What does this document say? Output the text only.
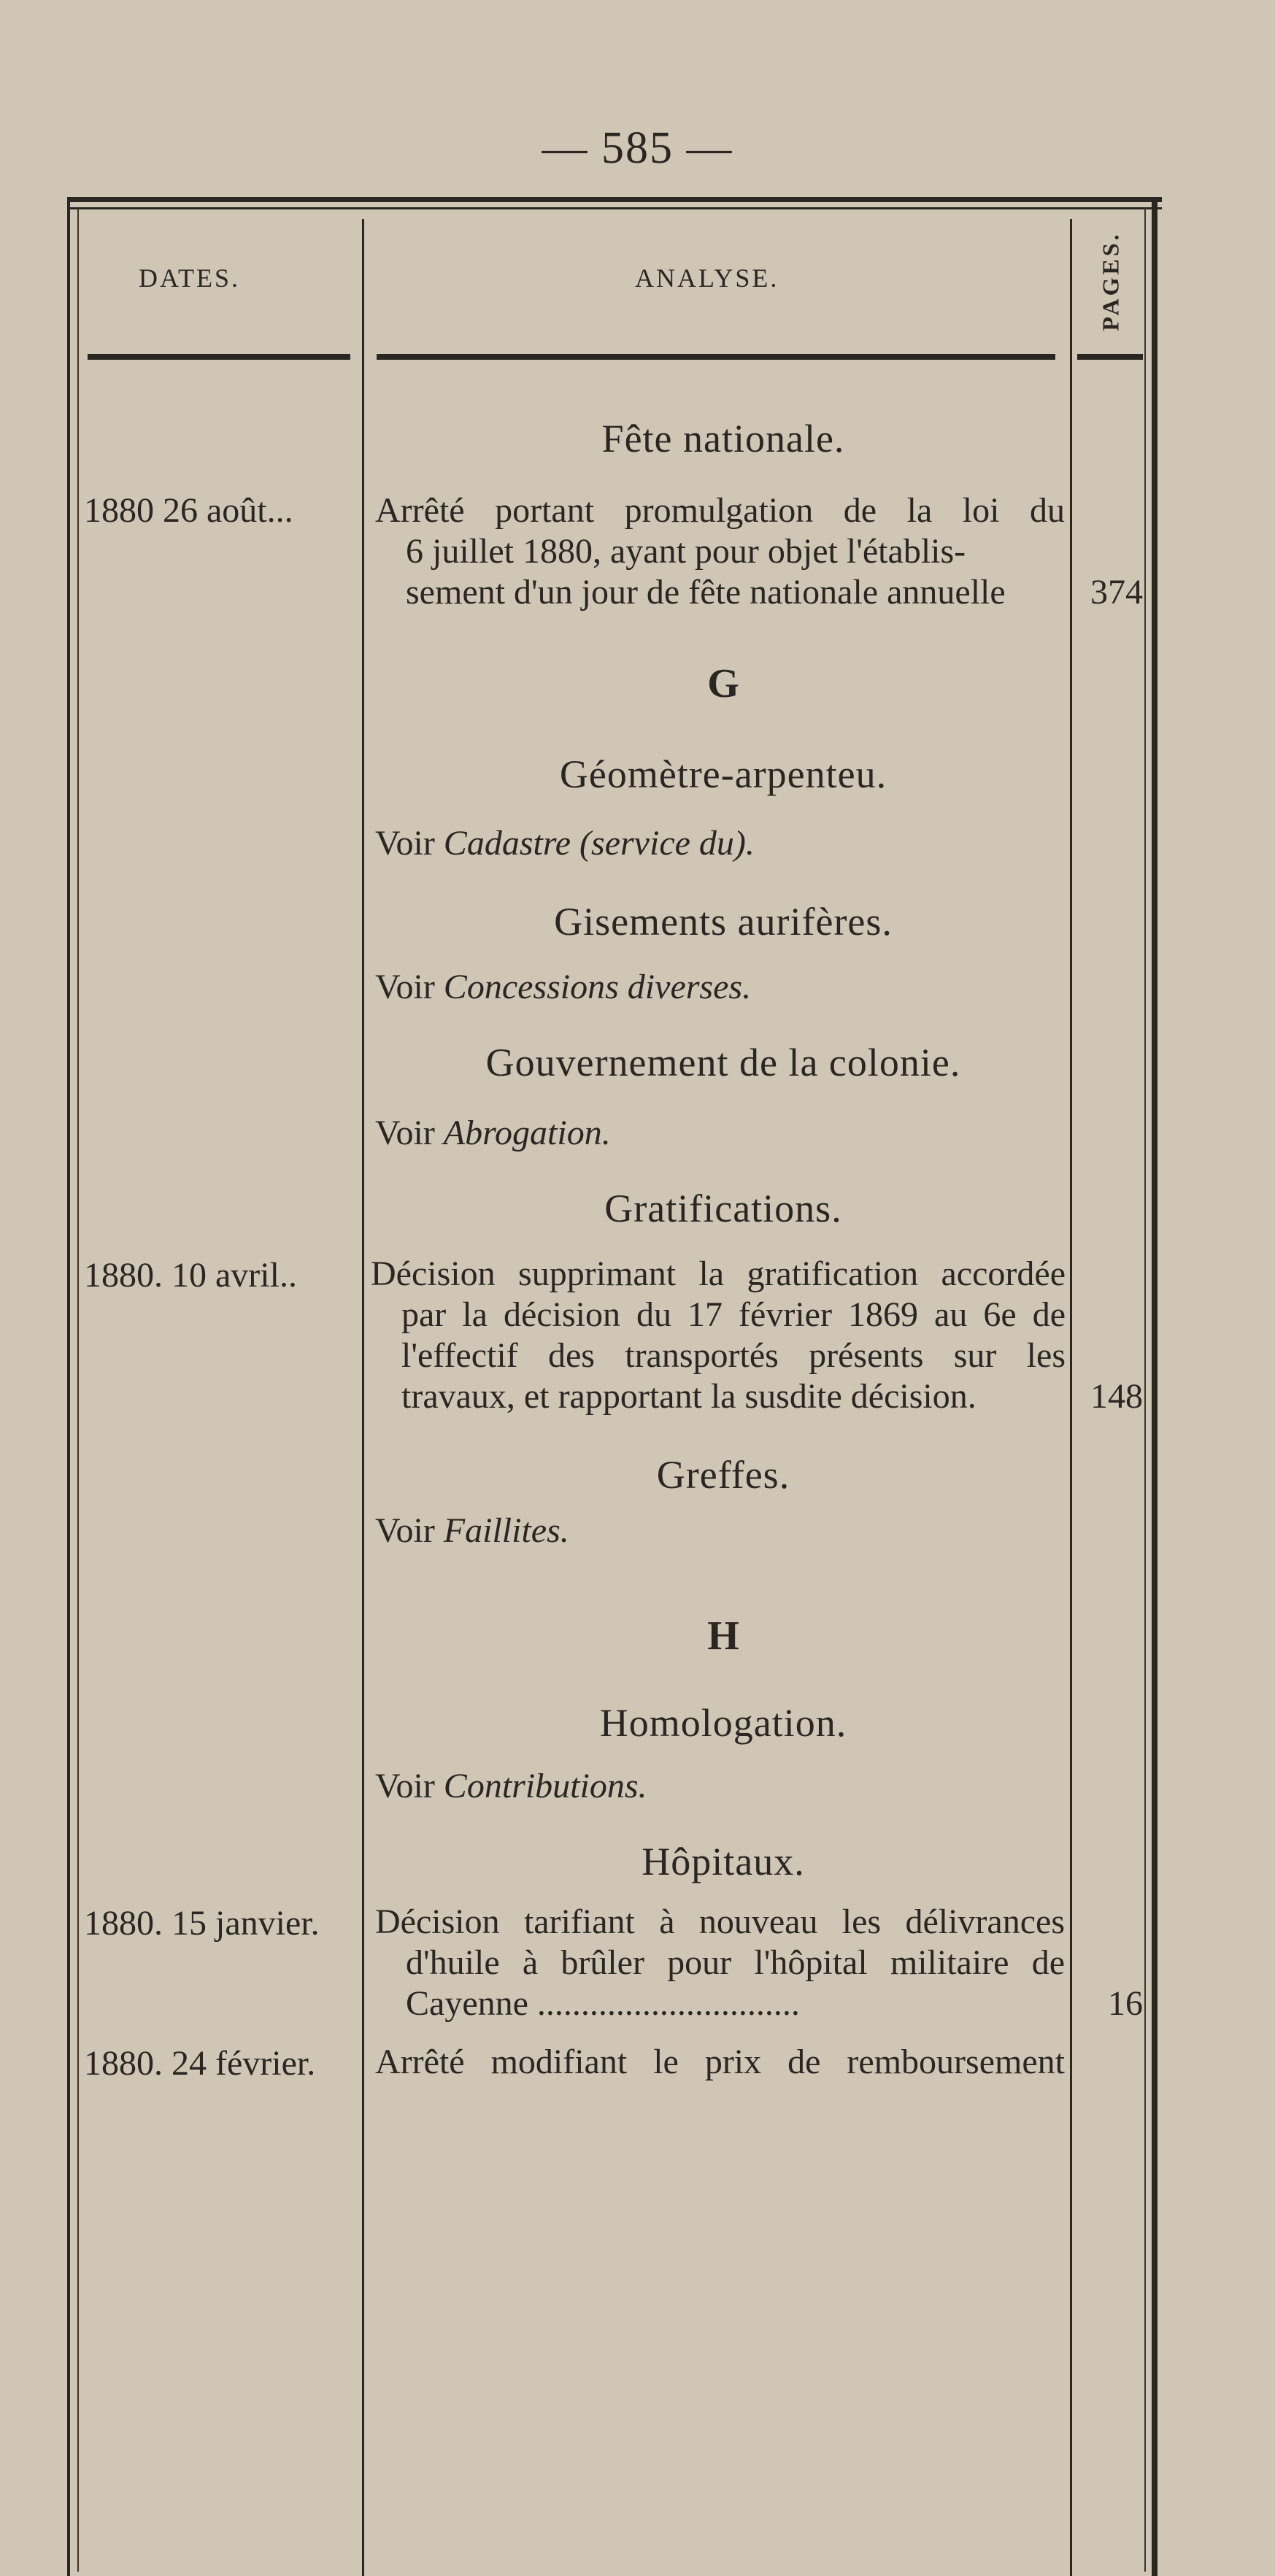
— 585 —
DATES.	ANALYSE.	PAGES.
Fête nationale.
1880 26 août... Arrêté portant promulgation de la loi du
6 juillet 1880, ayant pour objet l'établis-
sement d'un jour de fête nationale annuelle	374
G
Géomètre-arpenteu.
Voir Cadastre (service du).
Gisements aurifères.
Voir Concessions diverses.
Gouvernement de la colonie.
Voir Abrogation.
Gratifications.
1880. 10 avril.. Décision supprimant la gratification accordée
par la décision du 17 février 1869 au 6e de
l'effectif des transportés présents sur les
travaux, et rapportant la susdite décision.	148
Greffes.
Voir Faillites.
H
Homologation.
Voir Contributions.
Hôpitaux.
1880. 15 janvier. Décision tarifiant à nouveau les délivrances
d'huile à brûler pour l'hôpital militaire de
Cayenne ..............................	16
1880. 24 février. Arrêté modifiant le prix de remboursement
